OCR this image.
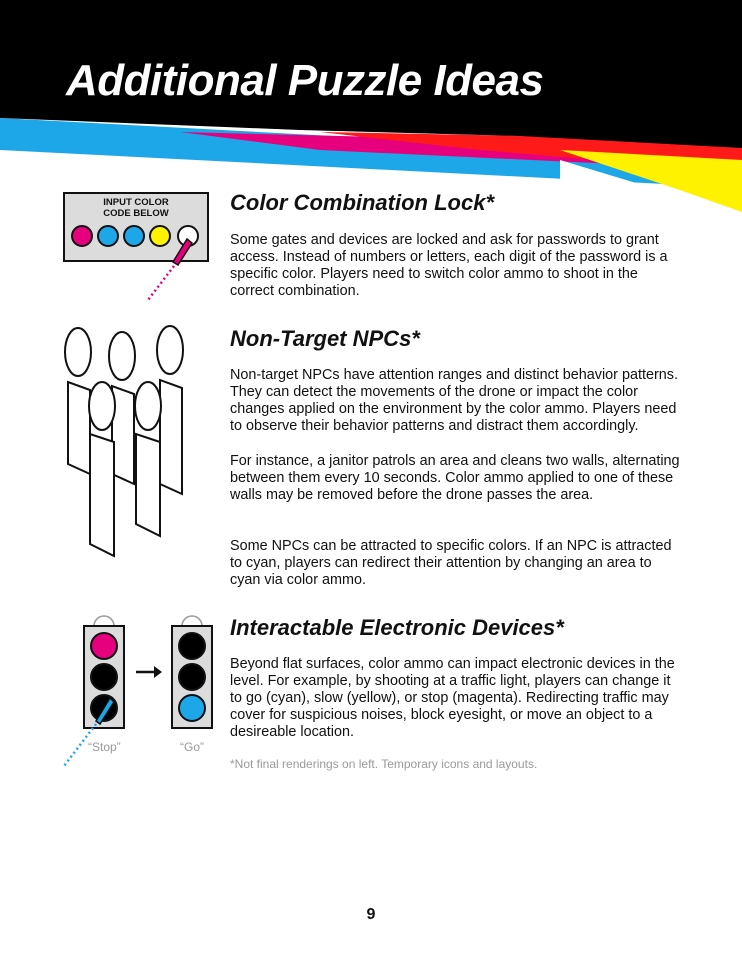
Additional Puzzle Ideas

INPUT COLOR
CODE BELOW	Color Combination Lock*

Some gates and devices are locked and ask for passwords to grant access. Instead of numbers or letters, each digit of the password is a specific color. Players need to switch color ammo to shoot in the correct combination.

Non-Target NPCs*

Non-target NPCs have attention ranges and distinct behavior patterns. They can detect the movements of the drone or impact the color changes applied on the environment by the color ammo. Players need to observe their behavior patterns and distract them accordingly.

For instance, a janitor patrols an area and cleans two walls, alternating between them every 10 seconds. Color ammo applied to one of these walls may be removed before the drone passes the area.

Some NPCs can be attracted to specific colors. If an NPC is attracted to cyan, players can redirect their attention by changing an area to cyan via color ammo.

“Stop”	“Go”
Interactable Electronic Devices*

Beyond flat surfaces, color ammo can impact electronic devices in the level. For example, by shooting at a traffic light, players can change it to go (cyan), slow (yellow), or stop (magenta). Redirecting traffic may cover for suspicious noises, block eyesight, or move an object to a desireable location.

*Not final renderings on left. Temporary icons and layouts.

9
